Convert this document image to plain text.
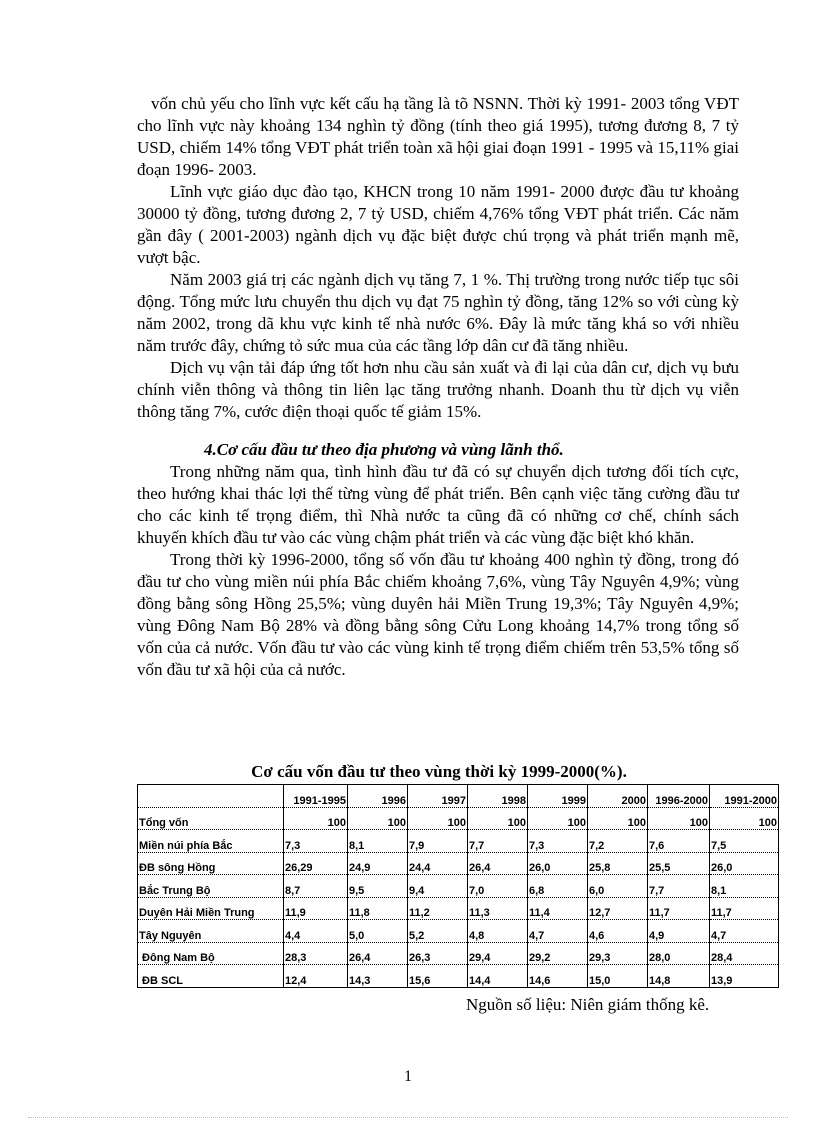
vốn chủ yếu cho lĩnh vực kết cấu hạ tầng là tõ NSNN. Thời kỳ 1991- 2003 tổng VĐT cho lĩnh vực này khoảng 134 nghìn tỷ đồng (tính theo giá 1995), tương đương 8, 7 tỷ USD, chiếm 14% tổng VĐT phát triển toàn xã hội giai đoạn 1991 - 1995 và 15,11% giai đoạn 1996- 2003.

Lĩnh vực giáo dục đào tạo, KHCN trong 10 năm 1991- 2000 được đầu tư khoảng 30000 tỷ đồng, tương đương 2, 7 tỷ USD, chiếm 4,76% tổng VĐT phát triển. Các năm gần đây ( 2001-2003) ngành dịch vụ đặc biệt được chú trọng và phát triển mạnh mẽ, vượt bậc.

Năm 2003 giá trị các ngành dịch vụ tăng 7, 1 %. Thị trường trong nước tiếp tục sôi động. Tổng mức lưu chuyển thu dịch vụ đạt 75 nghìn tỷ đồng, tăng 12% so với cùng kỳ năm 2002, trong dã khu vực kinh tế nhà nước 6%. Đây là mức tăng khá so với nhiều năm trước đây, chứng tỏ sức mua của các tầng lớp dân cư đã tăng nhiều.

Dịch vụ vận tải đáp ứng tốt hơn nhu cầu sản xuất và đi lại của dân cư, dịch vụ bưu chính viễn thông và thông tin liên lạc tăng trưởng nhanh. Doanh thu từ dịch vụ viễn thông tăng 7%, cước điện thoại quốc tế giảm 15%.

4.Cơ cấu đầu tư theo địa phương và vùng lãnh thổ.

Trong những năm qua, tình hình đầu tư đã có sự chuyển dịch tương đối tích cực, theo hướng khai thác lợi thế từng vùng để phát triển. Bên cạnh việc tăng cường đầu tư cho các kinh tế trọng điểm, thì Nhà nước ta cũng đã có những cơ chế, chính sách khuyến khích đầu tư vào các vùng chậm phát triển và các vùng đặc biệt khó khăn.

Trong thời kỳ 1996-2000, tổng số vốn đầu tư khoảng 400 nghìn tỷ đồng, trong đó đầu tư cho vùng miền núi phía Bắc chiếm khoảng 7,6%, vùng Tây Nguyên 4,9%; vùng đồng bằng sông Hồng 25,5%; vùng duyên hải Miền Trung 19,3%; Tây Nguyên 4,9%; vùng Đông Nam Bộ 28% và đồng bằng sông Cửu Long khoảng 14,7% trong tổng số vốn của cả nước. Vốn đầu tư vào các vùng kinh tế trọng điểm chiếm trên 53,5% tổng số vốn đầu tư xã hội của cả nước.

Cơ cấu vốn đầu tư theo vùng thời kỳ 1999-2000(%).
	1991-1995	1996	1997	1998	1999	2000	1996-2000	1991-2000
Tổng vốn	100	100	100	100	100	100	100	100
Miền núi phía Bắc	7,3	8,1	7,9	7,7	7,3	7,2	7,6	7,5
ĐB sông Hồng	26,29	24,9	24,4	26,4	26,0	25,8	25,5	26,0
Bắc Trung Bộ	8,7	9,5	9,4	7,0	6,8	6,0	7,7	8,1
Duyên Hải Miền Trung	11,9	11,8	11,2	11,3	11,4	12,7	11,7	11,7
Tây Nguyên	4,4	5,0	5,2	4,8	4,7	4,6	4,9	4,7
Đông Nam Bộ	28,3	26,4	26,3	29,4	29,2	29,3	28,0	28,4
ĐB SCL	12,4	14,3	15,6	14,4	14,6	15,0	14,8	13,9
Nguồn số liệu: Niên giám thống kê.
1
